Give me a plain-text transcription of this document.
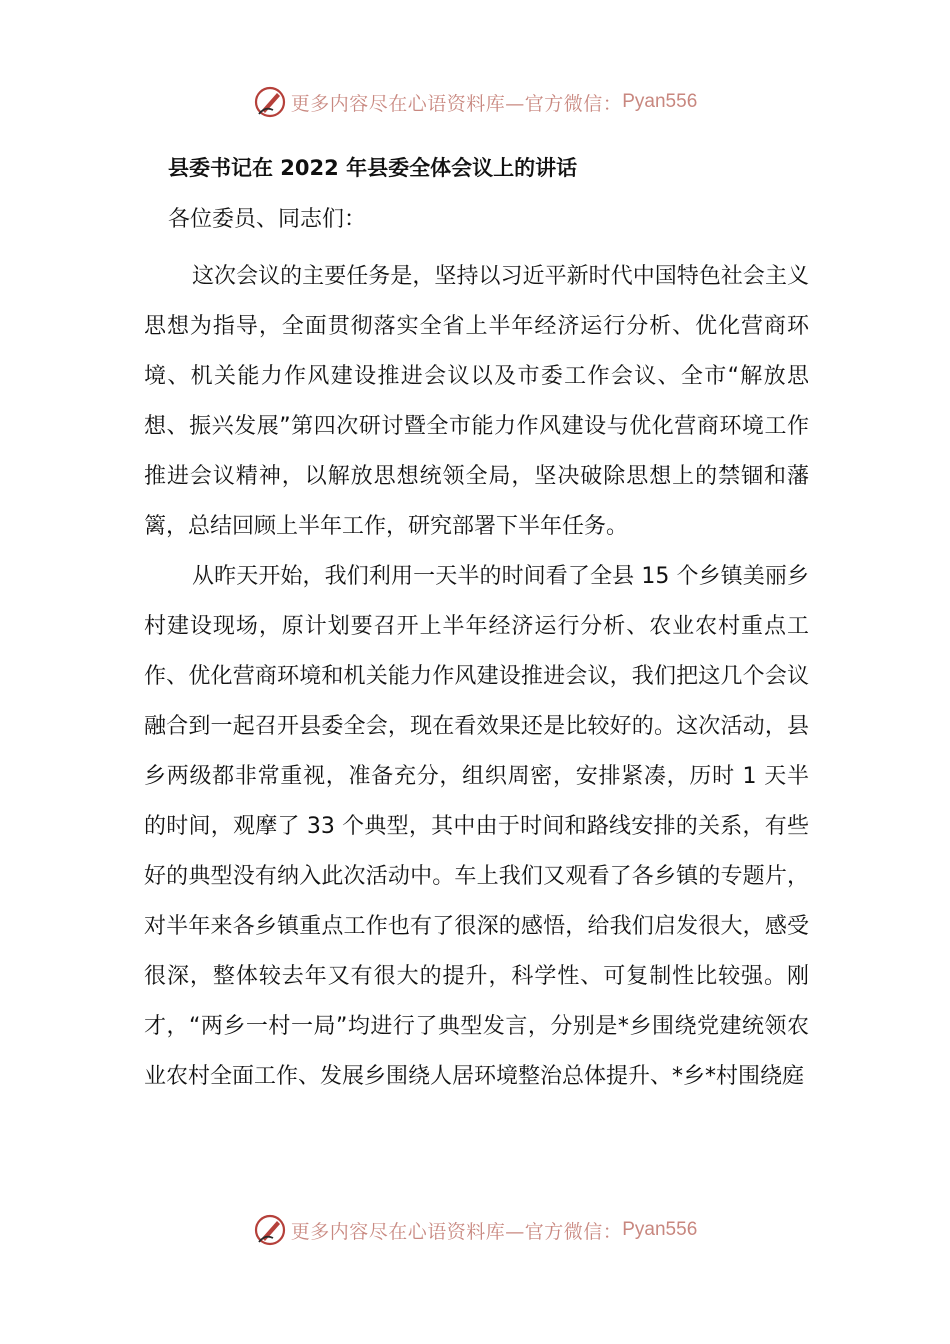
更多内容尽在心语资料库—官方微信： Pyan556
县委书记在 2022 年县委全体会议上的讲话

各位委员、同志们：

这次会议的主要任务是，坚持以习近平新时代中国特色社会主义思想为指导，全面贯彻落实全省上半年经济运行分析、优化营商环境、机关能力作风建设推进会议以及市委工作会议、全市“解放思想、振兴发展”第四次研讨暨全市能力作风建设与优化营商环境工作推进会议精神，以解放思想统领全局，坚决破除思想上的禁锢和藩篱，总结回顾上半年工作，研究部署下半年任务。

从昨天开始，我们利用一天半的时间看了全县 15 个乡镇美丽乡村建设现场，原计划要召开上半年经济运行分析、农业农村重点工作、优化营商环境和机关能力作风建设推进会议，我们把这几个会议融合到一起召开县委全会，现在看效果还是比较好的。这次活动，县乡两级都非常重视，准备充分，组织周密，安排紧凑，历时 1 天半的时间，观摩了 33 个典型，其中由于时间和路线安排的关系，有些好的典型没有纳入此次活动中。车上我们又观看了各乡镇的专题片，对半年来各乡镇重点工作也有了很深的感悟，给我们启发很大，感受很深，整体较去年又有很大的提升，科学性、可复制性比较强。刚才，“两乡一村一局”均进行了典型发言，分别是*乡围绕党建统领农业农村全面工作、发展乡围绕人居环境整治总体提升、*乡*村围绕庭

更多内容尽在心语资料库—官方微信： Pyan556
